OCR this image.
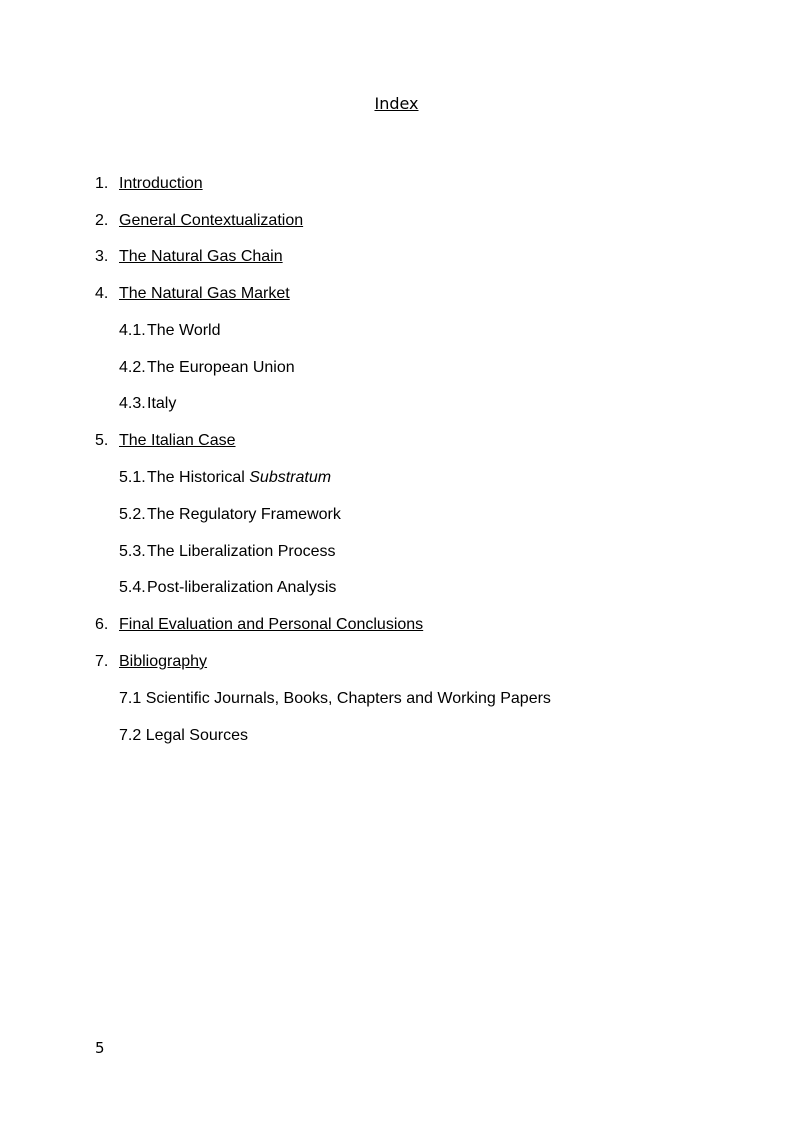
Index
1. Introduction
2. General Contextualization
3. The Natural Gas Chain
4. The Natural Gas Market
4.1. The World
4.2. The European Union
4.3. Italy
5. The Italian Case
5.1. The Historical Substratum
5.2. The Regulatory Framework
5.3. The Liberalization Process
5.4. Post-liberalization Analysis
6. Final Evaluation and Personal Conclusions
7. Bibliography
7.1 Scientific Journals, Books, Chapters and Working Papers
7.2 Legal Sources
5
